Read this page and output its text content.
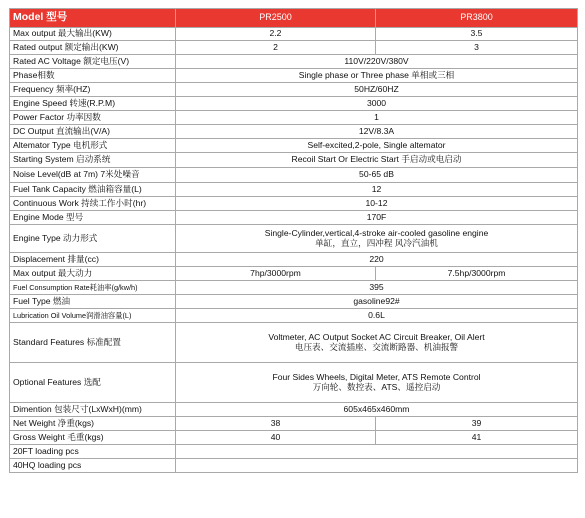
Model 型号	PR2500	PR3800
Max output 最大输出(KW)	2.2	3.5
Rated output 额定输出(KW)	2	3
Rated AC Voltage 额定电压(V)	110V/220V/380V	
Phase相数	Single phase or Three phase 单相或三相	
Frequency 频率(HZ)	50HZ/60HZ	
Engine Speed 转速(R.P.M)	3000	
Power Factor 功率因数	1	
DC Output 直流输出(V/A)	12V/8.3A	
Altemator Type 电机形式	Self-excited,2-pole, Single altemator	
Starting System 启动系统	Recoil Start Or Electric Start 手启动或电启动	
Noise Level(dB at 7m) 7米处噪音	50-65 dB	
Fuel Tank Capacity 燃油箱容量(L)	12	
Continuous Work 持续工作小时(hr)	10-12	
Engine Mode 型号	170F	
Engine Type 动力形式	Single-Cylinder,vertical,4-stroke air-cooled gasoline engine
单缸，直立，四冲程 风冷汽油机	

Displacement 排量(cc)	220	
Max output 最大动力	7hp/3000rpm	7.5hp/3000rpm
Fuel Consumption Rate耗油率(g/kw/h)	395	
Fuel Type 燃油	gasoline92#	
Lubrication Oil Volume润滑油容量(L)	0.6L	
Standard Features 标准配置	Voltmeter, AC Output Socket AC Circuit Breaker, Oil Alert
电压表、交流插座、交流断路器、机油报警	

Optional Features 选配	Four Sides Wheels, Digital Meter, ATS Remote Control
万向轮、数控表、ATS、遥控启动	

Dimention 包装尺寸(LxWxH)(mm)	605x465x460mm	
Net Weight 净重(kgs)	38	39
Gross Weight 毛重(kgs)	40	41
20FT loading pcs		
40HQ loading pcs		
